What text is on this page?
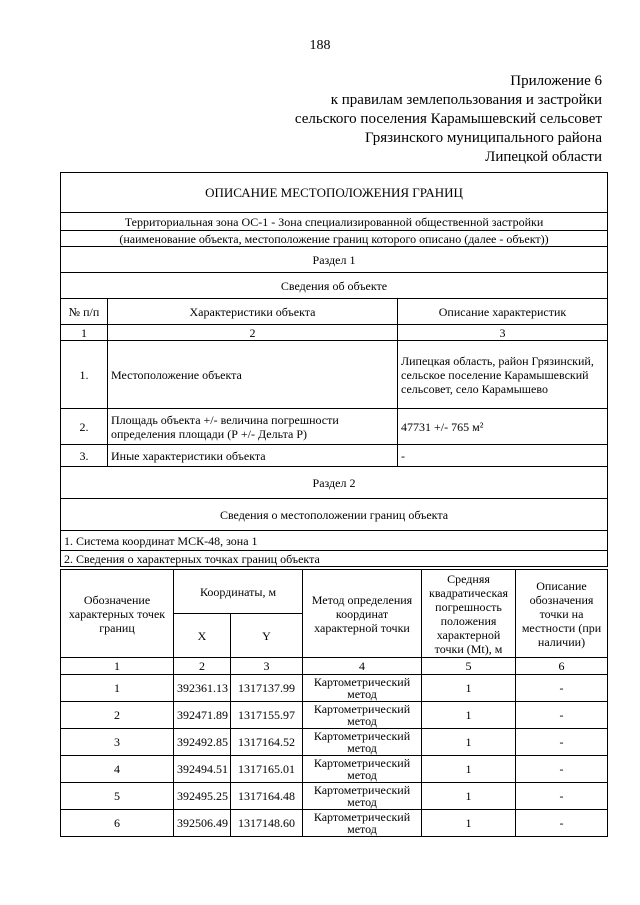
188
Приложение 6
к правилам землепользования и застройки
сельского поселения Карамышевский сельсовет
Грязинского муниципального района
Липецкой области
ОПИСАНИЕ МЕСТОПОЛОЖЕНИЯ ГРАНИЦ		
Территориальная зона ОС-1 - Зона специализированной общественной застройки		
(наименование объекта, местоположение границ которого описано (далее - объект))		
Раздел 1		
Сведения об объекте		
№ п/п	Характеристики объекта	Описание характеристик
1	2	3
1.	Местоположение объекта	Липецкая область, район Грязинский, сельское поселение Карамышевский сельсовет, село Карамышево
2.	Площадь объекта +/- величина погрешности определения площади (Р +/- Дельта Р)	47731 +/- 765 м²
3.	Иные характеристики объекта	-
Раздел 2		
Сведения о местоположении границ объекта		
1. Система координат МСК-48, зона 1		
2. Сведения о характерных точках границ объекта		
Обозначение характерных точек границ	Координаты, м		Метод определения координат характерной точки	Средняя квадратическая погрешность положения характерной точки (Mt), м	Описание обозначения точки на местности (при наличии)
	X	Y			
1	2	3	4	5	6
1	392361.13	1317137.99	Картометрический метод	1	-
2	392471.89	1317155.97	Картометрический метод	1	-
3	392492.85	1317164.52	Картометрический метод	1	-
4	392494.51	1317165.01	Картометрический метод	1	-
5	392495.25	1317164.48	Картометрический метод	1	-
6	392506.49	1317148.60	Картометрический метод	1	-
